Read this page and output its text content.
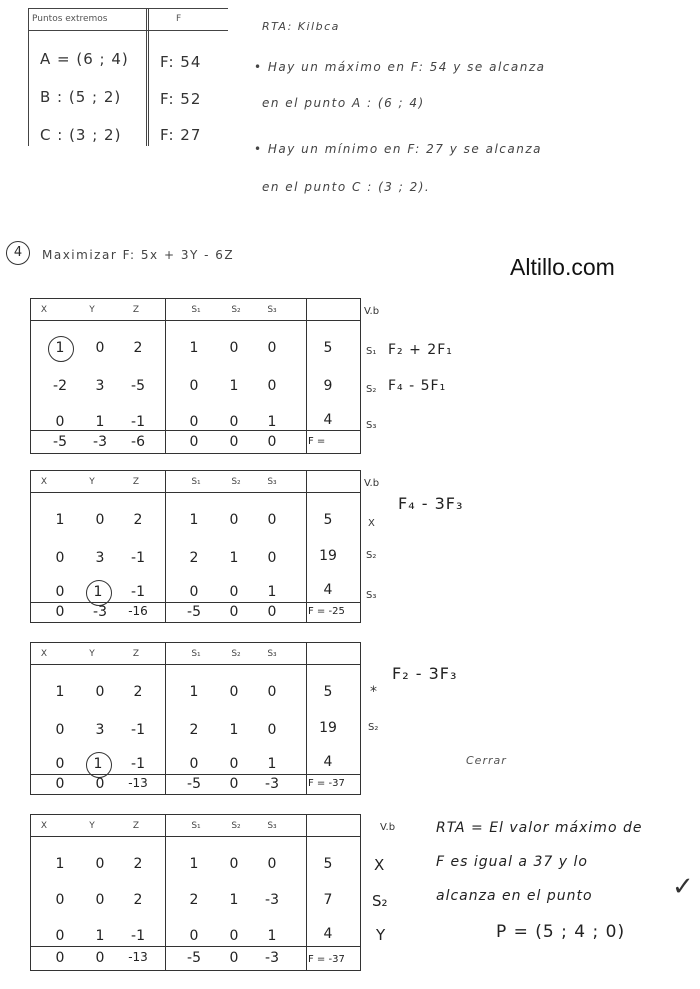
Puntos extremos	F
A = (6 ; 4) F: 54
B : (5 ; 2)	F: 52
C : (3 ; 2)	F: 27
RTA: Kilbca
• Hay un máximo en F: 54 y se alcanza
en el punto A : (6 ; 4)
• Hay un mínimo en F: 27 y se alcanza
en el punto C : (3 ; 2).
4	Maximizar F: 5x + 3Y - 6Z	Altillo.com
X	Y	Z	S₁	S₂	S₃	V.b
1	0	2	1	0	0	5	S₁ F₂ + 2F₁
-2	3	-5	0	1	0	9	S₂ F₄ - 5F₁
0	1	-1	0	0	1	4	S₃
-5	-3	-6	0	0	0	F =
X	Y	Z	S₁	S₂	S₃	V.b
F₄ - 3F₃
1	0	2	1	0	0	5	X
0	3	-1	2	1	0	19	S₂
0	1	-1	0	0	1	4	S₃
0	-3	-16	-5	0	0	F = -25
X	Y	Z	S₁	S₂	S₃
F₂ - 3F₃
1	0	2	1	0	0	5	*
0	3	-1	2	1	0	19	S₂
0	1	-1	0	0	1	4
0	0	-13	-5	0	-3	F = -37
Cerrar
X	Y	Z	S₁	S₂	S₃	V.b
1	0	2	1	0	0	5	X
0	0	2	2	1	-3	7	S₂
0	1	-1	0	0	1	4	Y
0	0	-13	-5	0	-3	F = -37
RTA = El valor máximo de
F es igual a 37 y lo
alcanza en el punto
P = (5 ; 4 ; 0)
✓
